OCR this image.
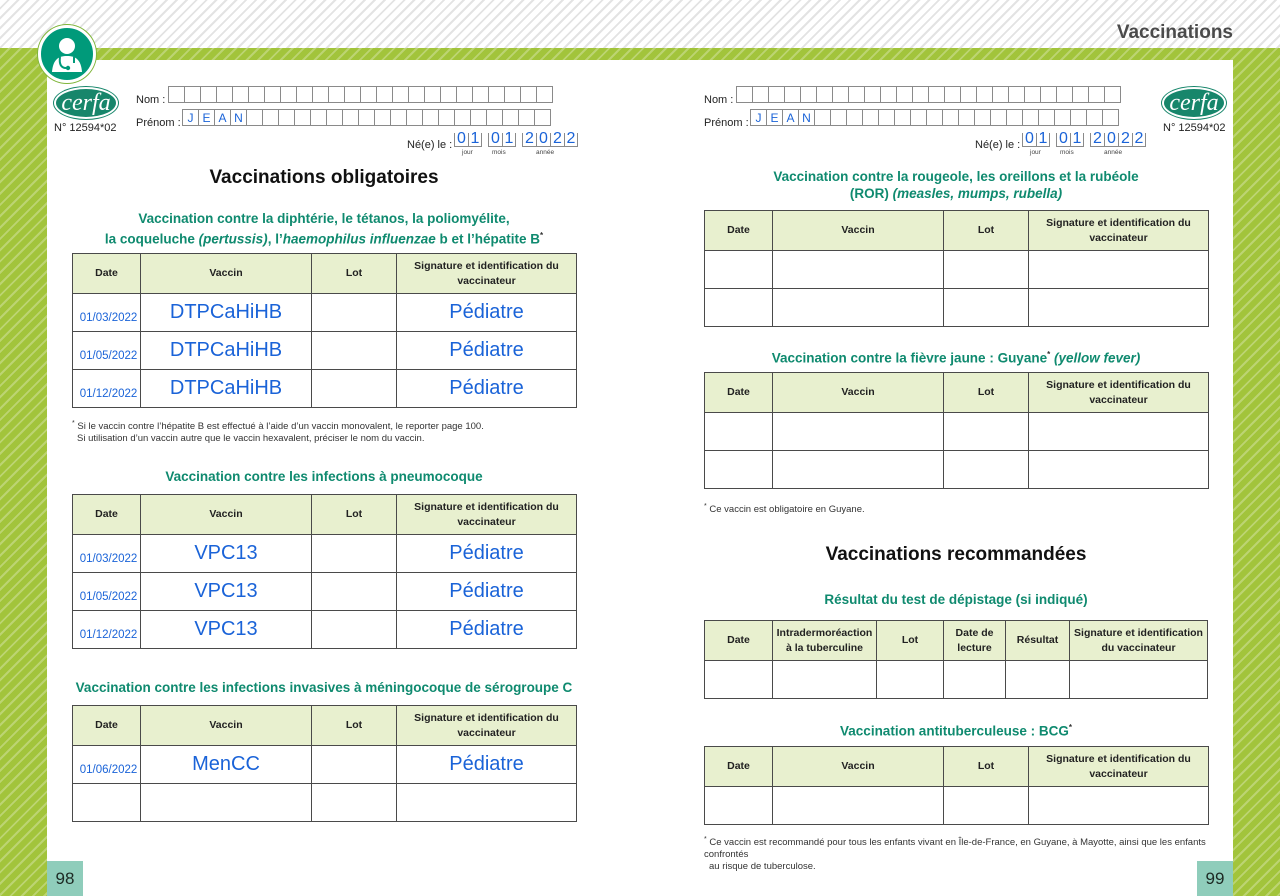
Vaccinations
98	99
cerfa
N° 12594*02
Nom :
Prénom : J E A N
Né(e) le : 0 1 0 1 2 0 2 2
jour	mois	année
cerfa
N° 12594*02
Nom :
Prénom : J E A N
Né(e) le : 0 1 0 1 2 0 2 2
jour	mois	année
Vaccinations obligatoires
Vaccination contre la diphtérie, le tétanos, la poliomyélite,
la coqueluche (pertussis), l’haemophilus influenzae b et l’hépatite B*
Date	Vaccin	Lot	Signature et identification du vaccinateur
01/03/2022	DTPCaHiHB		Pédiatre
01/05/2022	DTPCaHiHB		Pédiatre
01/12/2022	DTPCaHiHB		Pédiatre
* Si le vaccin contre l’hépatite B est effectué à l’aide d’un vaccin monovalent, le reporter page 100.
Si utilisation d’un vaccin autre que le vaccin hexavalent, préciser le nom du vaccin.
Vaccination contre les infections à pneumocoque
Date	Vaccin	Lot	Signature et identification du vaccinateur
01/03/2022	VPC13		Pédiatre
01/05/2022	VPC13		Pédiatre
01/12/2022	VPC13		Pédiatre
Vaccination contre les infections invasives à méningocoque de sérogroupe C
Date	Vaccin	Lot	Signature et identification du vaccinateur
01/06/2022	MenCC		Pédiatre

Vaccination contre la rougeole, les oreillons et la rubéole
(ROR) (measles, mumps, rubella)
Date	Vaccin	Lot	Signature et identification du vaccinateur

Vaccination contre la fièvre jaune : Guyane* (yellow fever)
Date	Vaccin	Lot	Signature et identification du vaccinateur

* Ce vaccin est obligatoire en Guyane.
Vaccinations recommandées
Résultat du test de dépistage (si indiqué)
Date	Intradermoréaction à la tuberculine	Lot	Date de lecture	Résultat	Signature et identification du vaccinateur

Vaccination antituberculeuse : BCG*
Date	Vaccin	Lot	Signature et identification du vaccinateur

* Ce vaccin est recommandé pour tous les enfants vivant en Île-de-France, en Guyane, à Mayotte, ainsi que les enfants confrontés
au risque de tuberculose.
